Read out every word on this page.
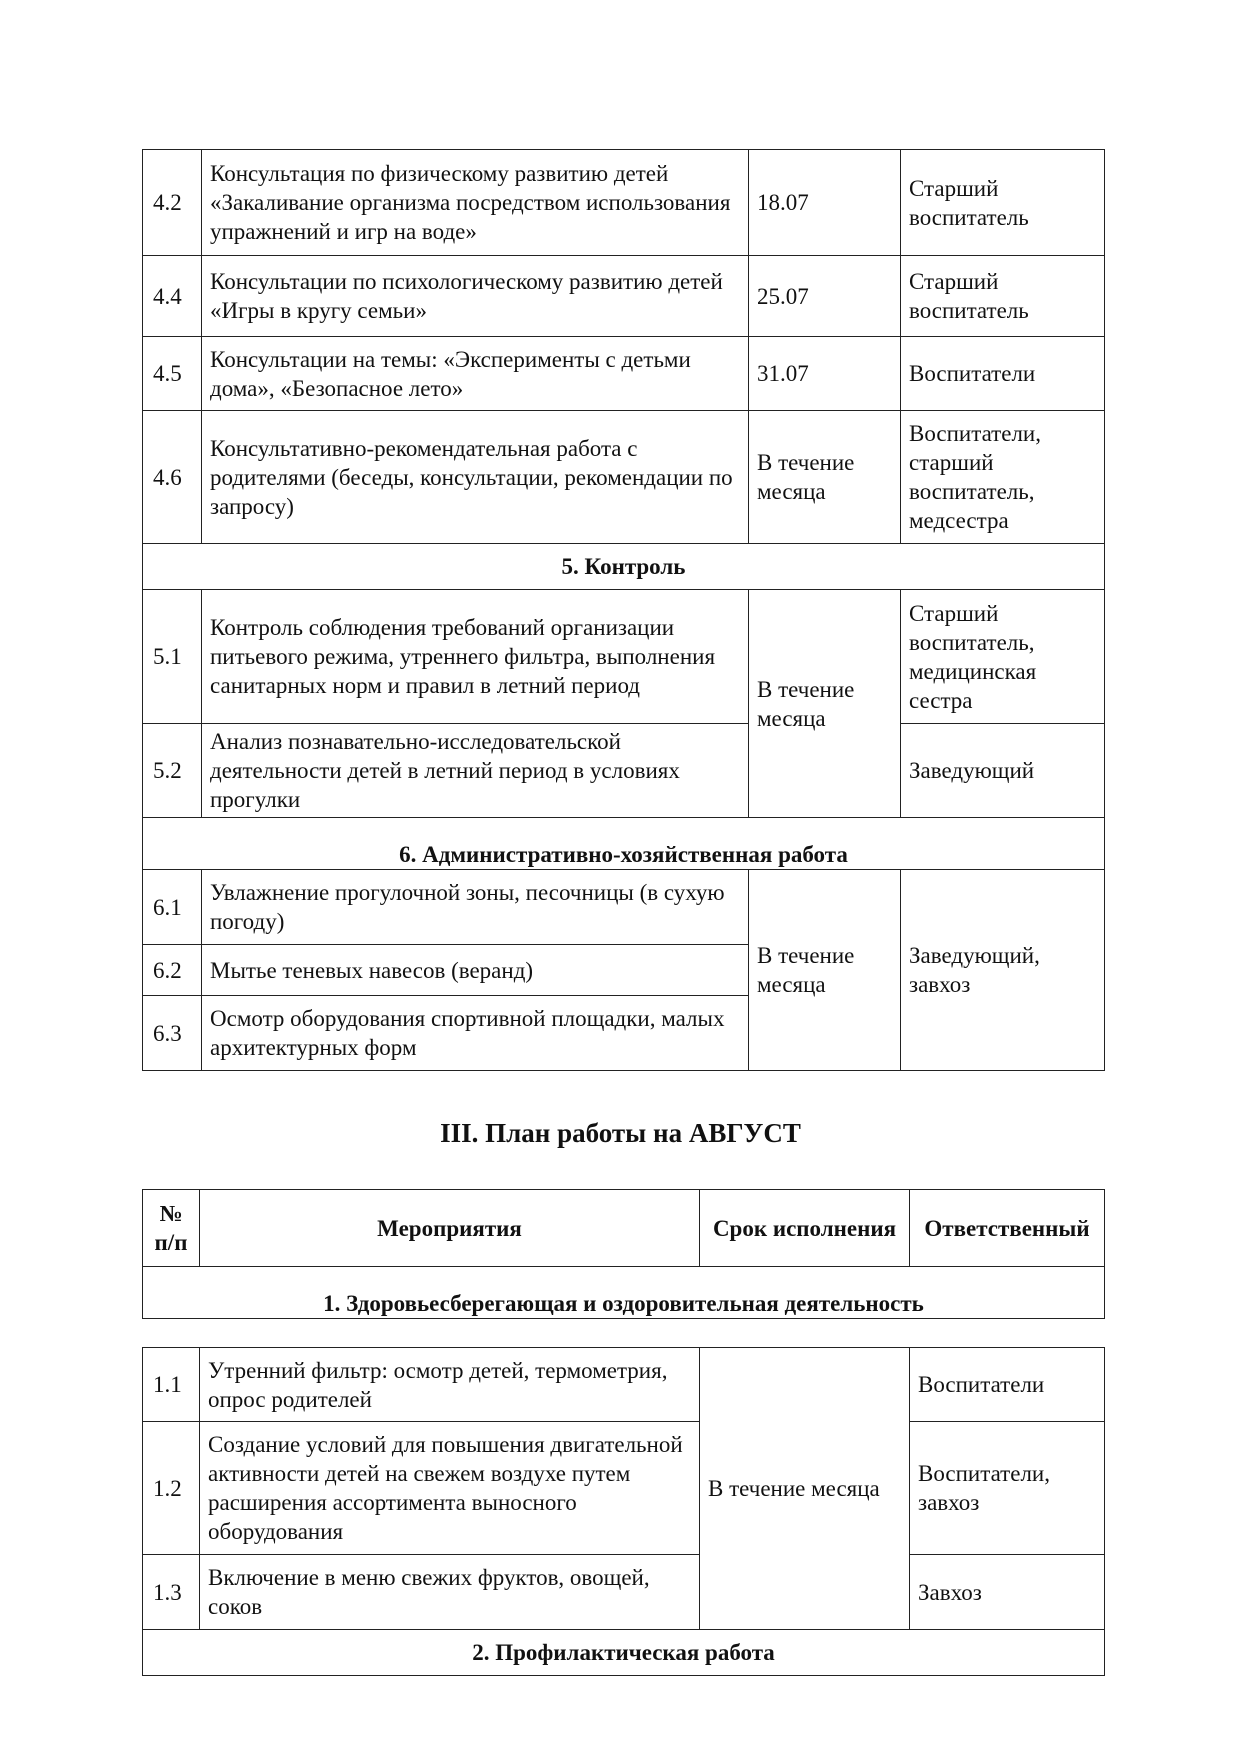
4.2	Консультация по физическому развитию детей «Закаливание организма посредством использования упражнений и игр на воде»	18.07	Старший воспитатель
4.4	Консультации по психологическому развитию детей «Игры в кругу семьи»	25.07	Старший воспитатель
4.5	Консультации на темы: «Эксперименты с детьми дома», «Безопасное лето»	31.07	Воспитатели
4.6	Консультативно-рекомендательная работа с родителями (беседы, консультации, рекомендации по запросу)	В течение месяца	Воспитатели, старший воспитатель, медсестра
5. Контроль			
5.1	Контроль соблюдения требований организации питьевого режима, утреннего фильтра, выполнения санитарных норм и правил в летний период	В течение месяца	Старший воспитатель, медицинская сестра
5.2	Анализ познавательно-исследовательской деятельности детей в летний период в условиях прогулки		Заведующий
6. Административно-хозяйственная работа			
6.1	Увлажнение прогулочной зоны, песочницы (в сухую погоду)	В течение месяца	Заведующий, завхоз
6.2	Мытье теневых навесов (веранд)		
6.3	Осмотр оборудования спортивной площадки, малых архитектурных форм		
III. План работы на АВГУСТ
№ п/п	Мероприятия	Срок исполнения	Ответственный
1. Здоровьесберегающая и оздоровительная деятельность
1.1	Утренний фильтр: осмотр детей, термометрия, опрос родителей	В течение месяца	Воспитатели
1.2	Создание условий для повышения двигательной активности детей на свежем воздухе путем расширения ассортимента выносного оборудования		Воспитатели, завхоз
1.3	Включение в меню свежих фруктов, овощей, соков		Завхоз
2. Профилактическая работа			
